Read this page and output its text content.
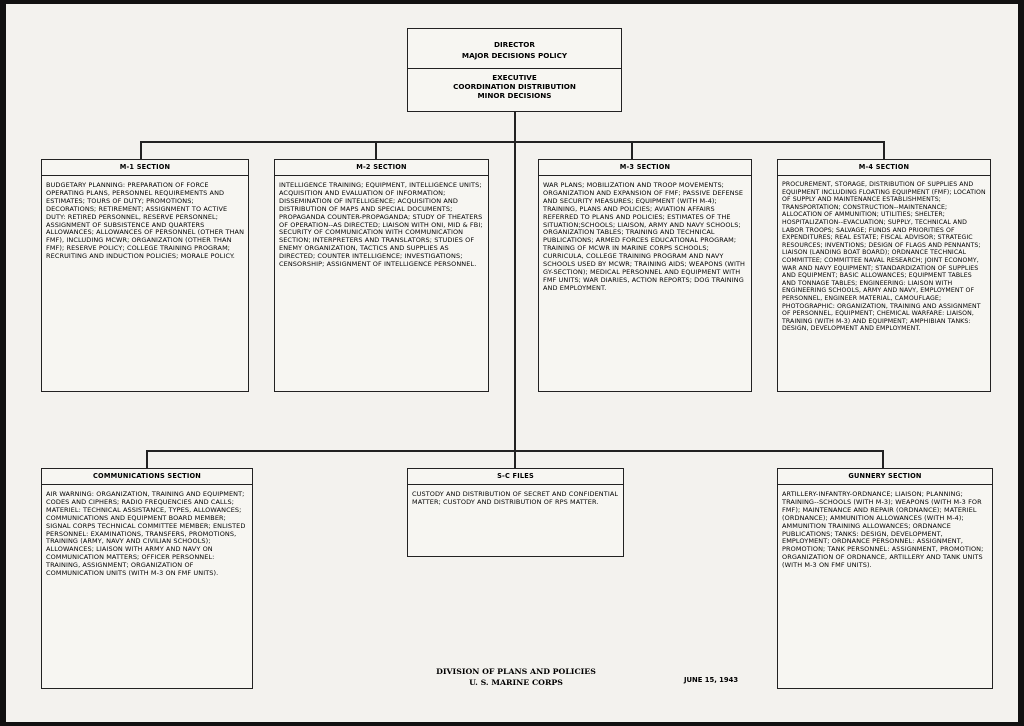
DIRECTOR
MAJOR DECISIONS POLICY
EXECUTIVE
COORDINATION DISTRIBUTION
MINOR DECISIONS
M-1 SECTION
BUDGETARY PLANNING: PREPARATION OF FORCE OPERATING PLANS, PERSONNEL REQUIREMENTS AND ESTIMATES; TOURS OF DUTY; PROMOTIONS; DECORATIONS; RETIREMENT; ASSIGNMENT TO ACTIVE DUTY: RETIRED PERSONNEL, RESERVE PERSONNEL; ASSIGNMENT OF SUBSISTENCE AND QUARTERS ALLOWANCES; ALLOWANCES OF PERSONNEL (OTHER THAN FMF), INCLUDING MCWR; ORGANIZATION (OTHER THAN FMF); RESERVE POLICY; COLLEGE TRAINING PROGRAM; RECRUITING AND INDUCTION POLICIES; MORALE POLICY.
M-2 SECTION
INTELLIGENCE TRAINING; EQUIPMENT, INTELLIGENCE UNITS; ACQUISITION AND EVALUATION OF INFORMATION; DISSEMINATION OF INTELLIGENCE; ACQUISITION AND DISTRIBUTION OF MAPS AND SPECIAL DOCUMENTS; PROPAGANDA COUNTER-PROPAGANDA; STUDY OF THEATERS OF OPERATION--AS DIRECTED; LIAISON WITH ONI, MID & FBI; SECURITY OF COMMUNICATION WITH COMMUNICATION SECTION; INTERPRETERS AND TRANSLATORS; STUDIES OF ENEMY ORGANIZATION, TACTICS AND SUPPLIES AS DIRECTED; COUNTER INTELLIGENCE; INVESTIGATIONS; CENSORSHIP; ASSIGNMENT OF INTELLIGENCE PERSONNEL.
M-3 SECTION
WAR PLANS; MOBILIZATION AND TROOP MOVEMENTS; ORGANIZATION AND EXPANSION OF FMF; PASSIVE DEFENSE AND SECURITY MEASURES; EQUIPMENT (WITH M-4); TRAINING, PLANS AND POLICIES; AVIATION AFFAIRS REFERRED TO PLANS AND POLICIES; ESTIMATES OF THE SITUATION;SCHOOLS; LIAISON, ARMY AND NAVY SCHOOLS; ORGANIZATION TABLES; TRAINING AND TECHNICAL PUBLICATIONS; ARMED FORCES EDUCATIONAL PROGRAM; TRAINING OF MCWR IN MARINE CORPS SCHOOLS; CURRICULA, COLLEGE TRAINING PROGRAM AND NAVY SCHOOLS USED BY MCWR; TRAINING AIDS; WEAPONS (WITH GY-SECTION); MEDICAL PERSONNEL AND EQUIPMENT WITH FMF UNITS; WAR DIARIES, ACTION REPORTS; DOG TRAINING AND EMPLOYMENT.
M-4 SECTION
PROCUREMENT, STORAGE, DISTRIBUTION OF SUPPLIES AND EQUIPMENT INCLUDING FLOATING EQUIPMENT (FMF); LOCATION OF SUPPLY AND MAINTENANCE ESTABLISHMENTS; TRANSPORTATION; CONSTRUCTION--MAINTENANCE; ALLOCATION OF AMMUNITION; UTILITIES; SHELTER; HOSPITALIZATION--EVACUATION; SUPPLY, TECHNICAL AND LABOR TROOPS; SALVAGE; FUNDS AND PRIORITIES OF EXPENDITURES; REAL ESTATE; FISCAL ADVISOR; STRATEGIC RESOURCES; INVENTIONS; DESIGN OF FLAGS AND PENNANTS; LIAISON (LANDING BOAT BOARD); ORDNANCE TECHNICAL COMMITTEE; COMMITTEE NAVAL RESEARCH; JOINT ECONOMY, WAR AND NAVY EQUIPMENT; STANDARDIZATION OF SUPPLIES AND EQUIPMENT; BASIC ALLOWANCES; EQUIPMENT TABLES AND TONNAGE TABLES; ENGINEERING: LIAISON WITH ENGINEERING SCHOOLS, ARMY AND NAVY, EMPLOYMENT OF PERSONNEL, ENGINEER MATERIAL, CAMOUFLAGE; PHOTOGRAPHIC: ORGANIZATION, TRAINING AND ASSIGNMENT OF PERSONNEL, EQUIPMENT; CHEMICAL WARFARE: LIAISON, TRAINING (WITH M-3) AND EQUIPMENT; AMPHIBIAN TANKS: DESIGN, DEVELOPMENT AND EMPLOYMENT.
COMMUNICATIONS SECTION
AIR WARNING: ORGANIZATION, TRAINING AND EQUIPMENT; CODES AND CIPHERS; RADIO FREQUENCIES AND CALLS; MATERIEL: TECHNICAL ASSISTANCE, TYPES, ALLOWANCES; COMMUNICATIONS AND EQUIPMENT BOARD MEMBER; SIGNAL CORPS TECHNICAL COMMITTEE MEMBER; ENLISTED PERSONNEL: EXAMINATIONS, TRANSFERS, PROMOTIONS, TRAINING (ARMY, NAVY AND CIVILIAN SCHOOLS); ALLOWANCES; LIAISON WITH ARMY AND NAVY ON COMMUNICATION MATTERS; OFFICER PERSONNEL: TRAINING, ASSIGNMENT; ORGANIZATION OF COMMUNICATION UNITS (WITH M-3 ON FMF UNITS).
S-C FILES
CUSTODY AND DISTRIBUTION OF SECRET AND CONFIDENTIAL MATTER; CUSTODY AND DISTRIBUTION OF RPS MATTER.
GUNNERY SECTION
ARTILLERY-INFANTRY-ORDNANCE; LIAISON; PLANNING; TRAINING--SCHOOLS (WITH M-3); WEAPONS (WITH M-3 FOR FMF); MAINTENANCE AND REPAIR (ORDNANCE); MATERIEL (ORDNANCE); AMMUNITION ALLOWANCES (WITH M-4); AMMUNITION TRAINING ALLOWANCES; ORDNANCE PUBLICATIONS; TANKS: DESIGN, DEVELOPMENT, EMPLOYMENT; ORDNANCE PERSONNEL: ASSIGNMENT, PROMOTION; TANK PERSONNEL: ASSIGNMENT, PROMOTION; ORGANIZATION OF ORDNANCE, ARTILLERY AND TANK UNITS (WITH M-3 ON FMF UNITS).
DIVISION OF PLANS AND POLICIES
U. S. MARINE CORPS	JUNE 15, 1943
